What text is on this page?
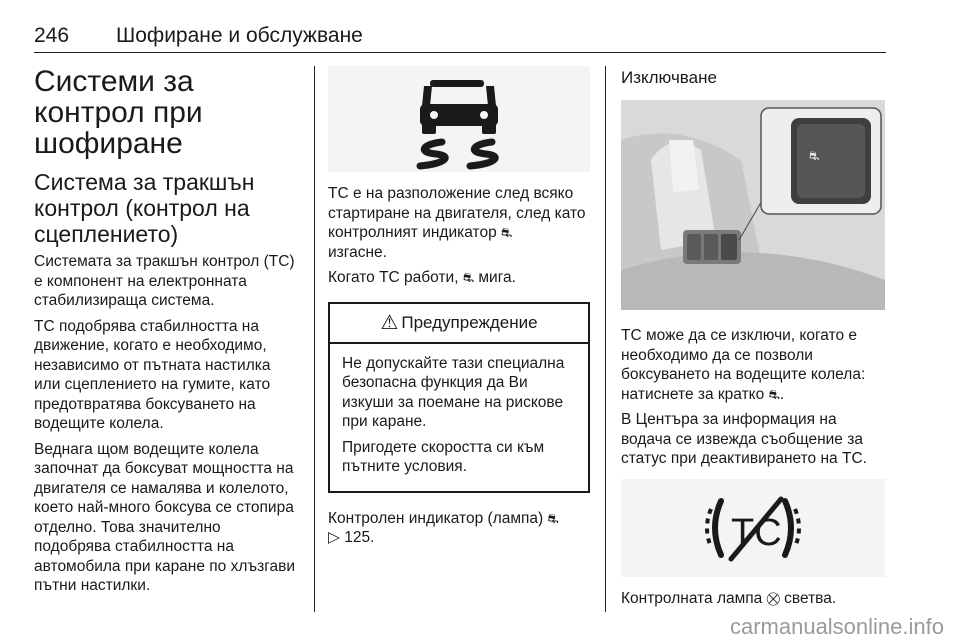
246 Шофиране и обслужване
Системи за контрол при шофиране
Система за тракшън контрол (контрол на сцеплението)
Системата за тракшън контрол (TC) е компонент на електронната стабилизираща система.
TC подобрява стабилността на движение, когато е необходимо, независимо от пътната настилка или сцеплението на гумите, като предотвратява боксуването на водещите колела.
Веднага щом водещите колела започнат да боксуват мощността на двигателя се намалява и колелото, което най-много боксува се стопира отделно. Това значително подобрява стабилността на автомобила при каране по хлъзгави пътни настилки.
TC е на разположение след всяко стартиране на двигателя, след като контролният индикатор ⛐
изгасне.
Когато TC работи, ⛐ мига.
⚠ Предупреждение
Не допускайте тази специална безопасна функция да Ви изкуши за поемане на рискове при каране.
Пригодете скоростта си към пътните условия.
Контролен индикатор (лампа) ⛐
▷ 125.
Изключване
⛐
TC може да се изключи, когато е необходимо да се позволи боксуването на водещите колела: натиснете за кратко ⛐.
В Центъра за информация на водача се извежда съобщение за статус при деактивирането на TC.
TC
Контролната лампа ⛒ светва.
carmanualsonline.info
